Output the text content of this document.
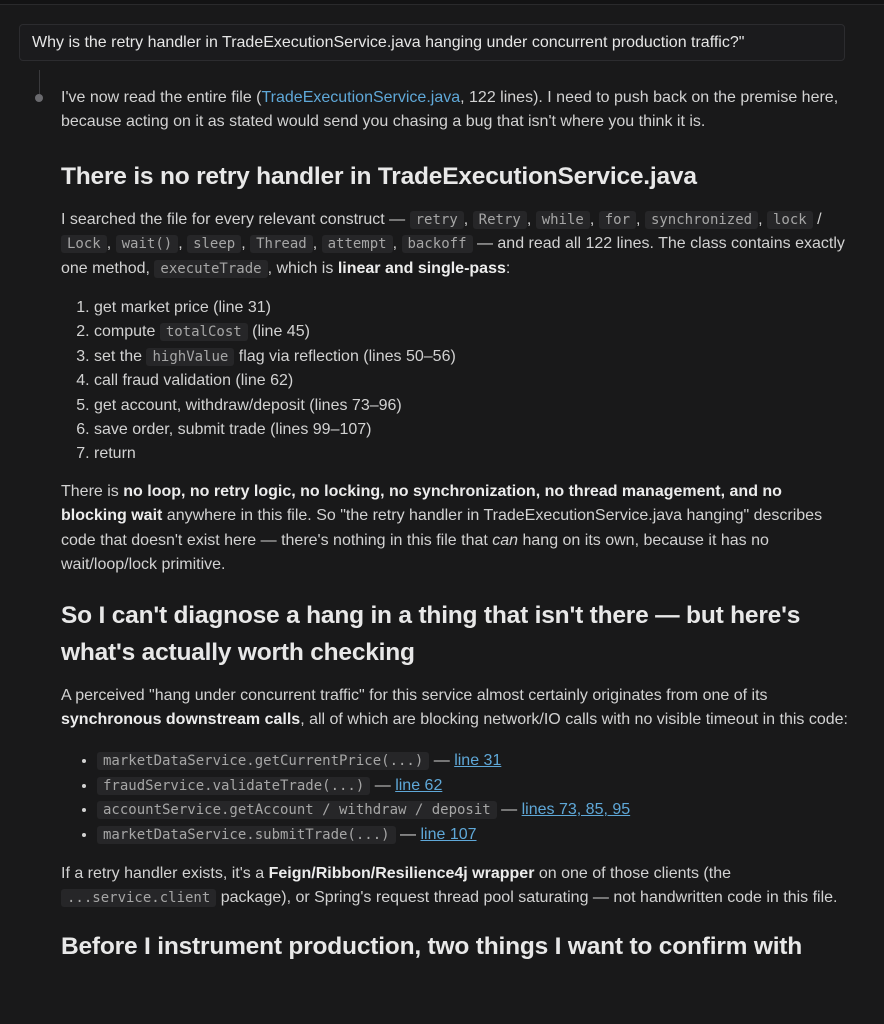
Why is the retry handler in TradeExecutionService.java hanging under concurrent production traffic?"

I've now read the entire file (TradeExecutionService.java, 122 lines). I need to push back on the premise here, because acting on it as stated would send you chasing a bug that isn't where you think it is.

There is no retry handler in TradeExecutionService.java

I searched the file for every relevant construct — retry , Retry , while , for , synchronized , lock / Lock , wait() , sleep , Thread , attempt , backoff — and read all 122 lines. The class contains exactly one method, executeTrade , which is linear and single-pass:

1. get market price (line 31)
2. compute totalCost (line 45)
3. set the highValue flag via reflection (lines 50–56)
4. call fraud validation (line 62)
5. get account, withdraw/deposit (lines 73–96)
6. save order, submit trade (lines 99–107)
7. return

There is no loop, no retry logic, no locking, no synchronization, no thread management, and no blocking wait anywhere in this file. So "the retry handler in TradeExecutionService.java hanging" describes code that doesn't exist here — there's nothing in this file that can hang on its own, because it has no wait/loop/lock primitive.

So I can't diagnose a hang in a thing that isn't there — but here's what's actually worth checking

A perceived "hang under concurrent traffic" for this service almost certainly originates from one of its synchronous downstream calls, all of which are blocking network/IO calls with no visible timeout in this code:

• marketDataService.getCurrentPrice(...) — line 31
• fraudService.validateTrade(...) — line 62
• accountService.getAccount / withdraw / deposit — lines 73, 85, 95
• marketDataService.submitTrade(...) — line 107

If a retry handler exists, it's a Feign/Ribbon/Resilience4j wrapper on one of those clients (the ...service.client package), or Spring's request thread pool saturating — not handwritten code in this file.

Before I instrument production, two things I want to confirm with
